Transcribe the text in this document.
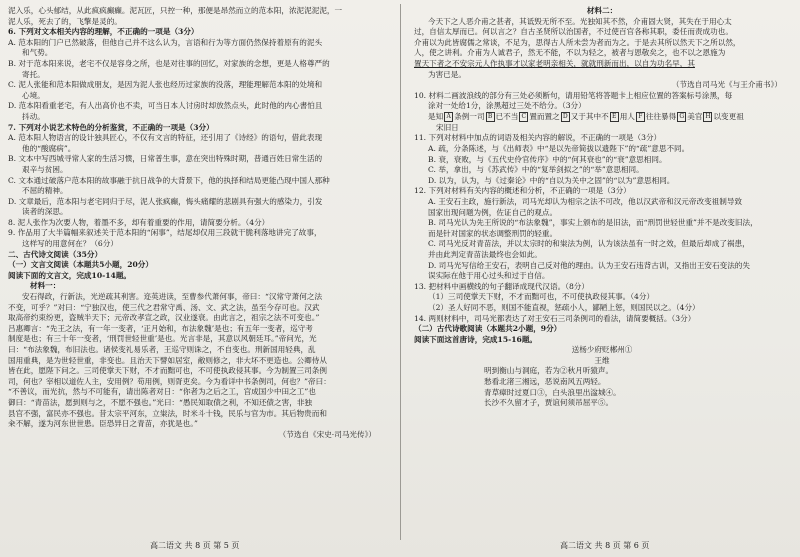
泥入乐，心头郁结，从此疯疯癫癫。泥瓦匠，只控一种，那便是昂然而立的范本阳，浓泥泥泥泥，一
泥人乐，死去了的，飞擎是灵的。
6. 下列对文本相关内容的理解，不正确的一项是（3分）
A. 范本阳的门户已然破落，但他自己并不这么认为，言语和行为等方面仍然保持着原有的泥头
和气势。
B. 对于范本阳来说，老宅不仅是容身之所，也是对往事的回忆，对家族的念想，更是人格尊严的
寄托。
C. 泥人张能和范本阳做成朋友，是因为泥人张也经历过家族的没落，理能理解范本阳的处境和
心境。
D. 范本阳看重老宅，有人出高价也不卖，可当日本人讨房时却放然点头，此时他的内心書怕且
抖动。
7. 下列对小说艺术特色的分析鉴赏，不正确的一项是（3分）
A. 范本阳人物语言的设计独具匠心，不仅有文言的特征，还引用了《诗经》的语句，借此表现
他的“酸腐病”。
B. 文本中写西城寻常人家的生活习惯，日常普生事，意在突出特殊时期，普通百姓日常生活的
艰辛与贫困。
C. 文本通过破落户范本阳的故事融于抗日战争的大背景下，他的执择和结局更能凸现中国人那种
不屈的精神。
D. 文章最后，范本阳与老宅同归于尽，泥人张疯癫，悔头痛耀的悲剧具有强大的感染力，引发
读者的深思。
8. 泥人张作为次要人物，着墨不多，却有着重要的作用，请简要分析。（4分）
9. 作品用了大半篇幅来叙述关于范本阳的“闲事”，结尾却仅用三段就干脆利落地讲完了故事，
这样写的用意何在？（6分）
二、古代诗文阅读（35分）
（一）文言文阅读（本题共5小题，20分）
阅读下面的文言文，完成10-14题。
材料一：
安石得政，行新法，光逆疏其利害。迩英进读，至曹参代萧何事，帝曰：“汉常守萧何之法
不变，可乎？”对曰：“宁独汉也，使三代之君常守禹、汤、文、武之法，虽至今存可也。汉武
取高帝约束纷更，盗贼半天下；元帝改孝宣之政，汉业遂衰。由此言之，祖宗之法不可变也。”
吕惠卿言：“先王之法，有一年一变者，‘正月始和，布法象魏’是也；有五年一变者，巡守考
制度是也；有三十年一变者，‘刑罚世轻世重’是也。光言非是，其意以风朝廷耳。”帝问光，光
曰：“布法象魏，布旧法也。诸侯变礼易乐者，王巡守则诛之，不自变也。刑新国用轻典，乱
国用重典，是为世轻世重，非变也。且治天下譬如居室，敝则修之，非大坏不更造也。公卿侍从
皆在此，愿陛下问之。三司使掌天下财，不才而黜可也，不可使执政侵其事。今为制置三司条例
司，何也？宰相以道佐人主，安用例？苟用例，则胥吏矣。今为看详中书条例司，何也？”帝曰：
“不善议，而光抗，然与不可能有，请出陈者对日：“你者为之后之工，宫成国少中田之工”也
御曰：“青苗法，愿到则与之，不愿不强也。”光曰：“愚民知取债之利，不知还债之害，非独
县官不强，富民亦不强也。昔太宗平河东，立粜法，时米斗十钱，民乐与官为市。其后物贵而和
籴不解，遂为河东世世患。臣恐异日之青苗，亦犹是也。”
（节选自《宋史·司马光传》）
材料二：
今天下之人恶介甫之甚者，其诋毁无所不至。光独知其不然，介甫固大贤，其失在于用心太
过，自信太厚而已。何以言之？自古圣贤所以治国者，不过使百官各称其职，委任而责成功也。
介甫以为此皆腐儒之常谈，不足为，思得古人所未尝为者而为之。于是去其所以然天下之所以然，
人，使之讲利。介甫为人诚君子，然无不能，不以为轻之，被者与恩敬矣之，也不以之恩施为
置天下者之不安宗元人作执事才以家老明亲相关，就就刑新而出，以自为功名早，其
为害已是。
（节选自司马光《与王介甫书》）
10. 材料二画波浪线的部分有三处必须断句，请用铅笔将答题卡上相应位置的答案标号涂黑，每
涂对一处给1分，涂黑超过三处不给分。（3分）
是知 A 条例一司 B 已不当 C 置而置之 D 又于其中不 E 用人 F 往往暴得 G 美官 H 以变更祖
宋旧日
11. 下列对材料中加点的词语及相关内容的解说，不正确的一项是（3分）
A. 疏，分条陈述，与《出师表》中“是以先帝简拔以遗陛下”的“疏”意思不同。
B. 衰，衰败，与《五代史伶官传序》中的“何其衰也”的“衰”意思相同。
C. 举，拿出，与《苏武传》中的“复举剑拟之”的“举”意思相同。
D. 以为，认为，与《过秦论》中的“自以为关中之固”的“以为”意思相同。
12. 下列对材料有关内容的概述和分析，不正确的一项是（3分）
A. 王安石主政，施行新法，司马光却认为相宗之法不可改，他以汉武帝和汉元帝改变祖制导致
国家出现问题为例，佐证自己的观点。
B. 司马光认为先王所说的“布法象魏”，事实上颁布的是旧法，而“刑罚世轻世重”并不是改变旧法，
而是针对国家的状态调整刑罚的轻重。
C. 司马光反对青苗法，并以太宗时的和粜法为例，认为该法虽有一时之效，但最后却成了祸患，
并由此判定青苗法最终也会如此。
D. 司马光写信给王安石，表明自己反对他的理由。认为王安石违背古训，又指出王安石变法的失
误实际在他于用心过头和过于自信。
13. 把材料中画横线的句子翻译成现代汉语。（8分）
（1）三司使掌天下财，不才而黜可也，不可使执政侵其事。（4分）
（2）圣人好同不恶，则国不能直视，惩疏小人，鄙陋上惩，则国民以之。（4分）
14. 两则材料中，司马光都表达了对王安石三司条例司的看法，请简要概括。（3分）
（二）古代诗歌阅读（本题共2小题，9分）
阅读下面这首唐诗，完成15-16题。
送杨少府贬郴州①
王维
明到衡山与洞庭，若为②秋月听猿声。
愁看北渚三湘远，恶说南风五两轻。
青草瘴时过夏口③，白头浪里出湓城④。
长沙不久留才子，贾谊何须吊屈平⑤。
高二语文 共 8 页 第 5 页	高二语文 共 8 页 第 6 页
